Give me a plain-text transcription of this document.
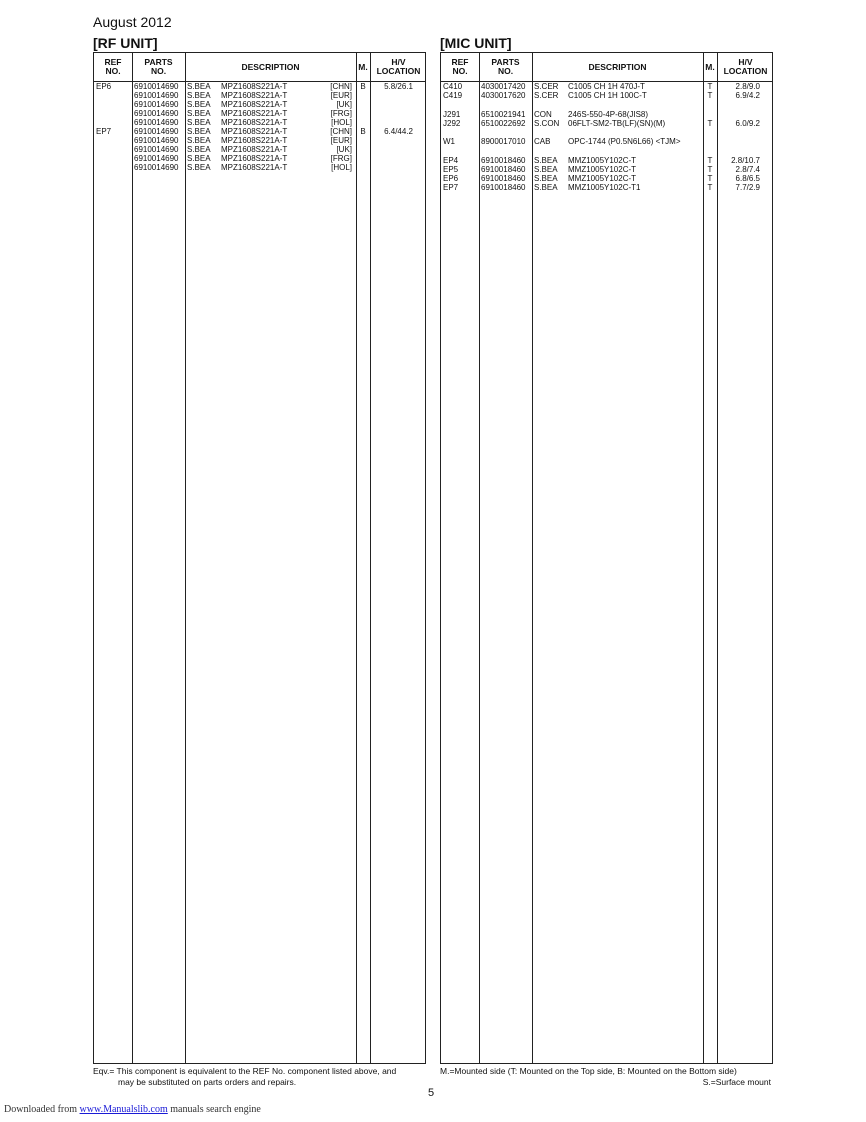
August 2012
[RF UNIT]
REF
NO.
PARTS
NO.	DESCRIPTION	M.	H/V
LOCATION
EP6	6910014690 S.BEA MPZ1608S221A-T	[CHN]	B	5.8/26.1
6910014690 S.BEA MPZ1608S221A-T	[EUR]
6910014690 S.BEA MPZ1608S221A-T	[UK]
6910014690 S.BEA MPZ1608S221A-T	[FRG]
6910014690 S.BEA MPZ1608S221A-T	[HOL]
EP7	6910014690 S.BEA MPZ1608S221A-T	[CHN]	B	6.4/44.2
6910014690 S.BEA MPZ1608S221A-T	[EUR]
6910014690 S.BEA MPZ1608S221A-T	[UK]
6910014690 S.BEA MPZ1608S221A-T	[FRG]
6910014690 S.BEA MPZ1608S221A-T	[HOL]
[MIC UNIT]
REF
NO.
PARTS
NO.	DESCRIPTION	M.	H/V
LOCATION
C410 4030017420 S.CER C1005 CH 1H 470J-T	T	2.8/9.0
C419 4030017620 S.CER C1005 CH 1H 100C-T	T	6.9/4.2
J291	6510021941 CON 246S-550-4P-68(JIS8)
J292	6510022692 S.CON 06FLT-SM2-TB(LF)(SN)(M)	T	6.0/9.2
W1	8900017010 CAB OPC-1744 (P0.5N6L66) <TJM>
EP4	6910018460 S.BEA MMZ1005Y102C-T	T	2.8/10.7
EP5	6910018460 S.BEA MMZ1005Y102C-T	T	2.8/7.4
EP6	6910018460 S.BEA MMZ1005Y102C-T	T	6.8/6.5
EP7	6910018460 S.BEA MMZ1005Y102C-T1	T	7.7/2.9
Eqv.= This component is equivalent to the REF No. component listed above, and
may be substituted on parts orders and repairs.
M.=Mounted side (T: Mounted on the Top side, B: Mounted on the Bottom side)
S.=Surface mount
5
Downloaded from www.Manualslib.com manuals search engine
